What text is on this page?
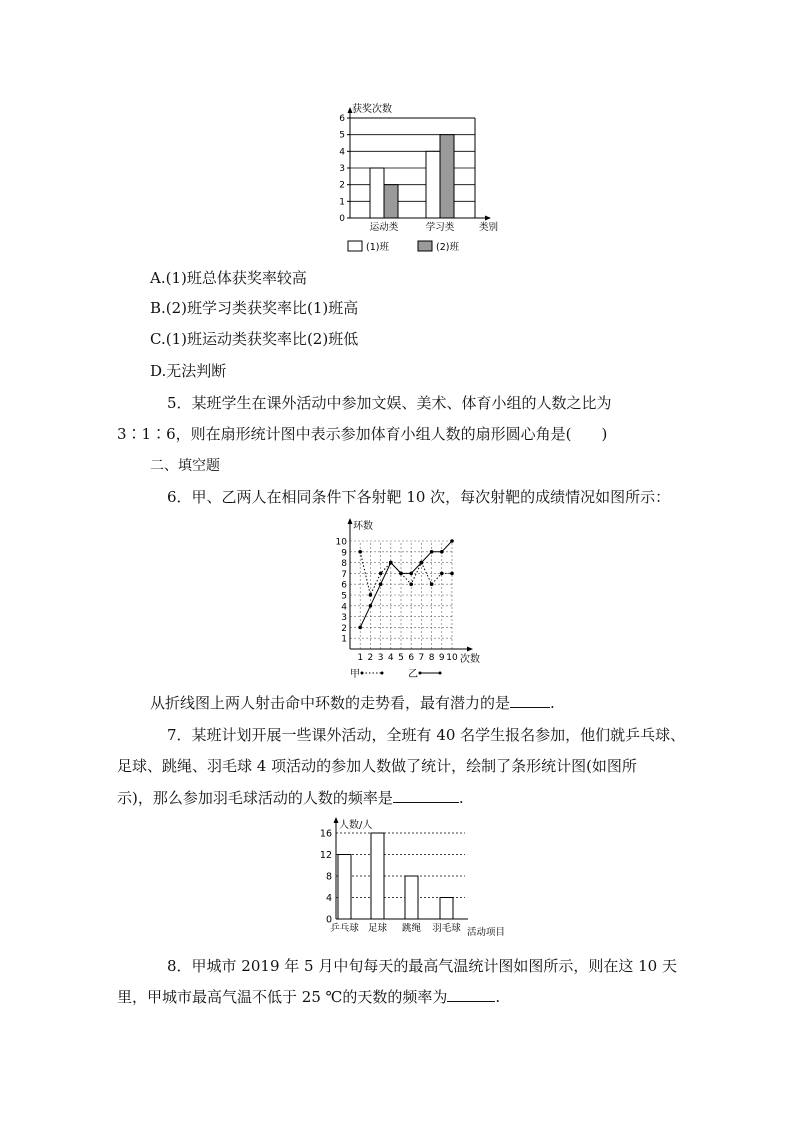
0
1
2
3
4
5
6
获奖次数
运动类	学习类	类别
(1)班	(2)班
A.(1)班总体获奖率较高
B.(2)班学习类获奖率比(1)班高
C.(1)班运动类获奖率比(2)班低
D.无法判断
5．某班学生在课外活动中参加文娱、美术、体育小组的人数之比为
3∶1∶6，则在扇形统计图中表示参加体育小组人数的扇形圆心角是(　　)
二、填空题
6．甲、乙两人在相同条件下各射靶 10 次，每次射靶的成绩情况如图所示：
环数
1
2
3
4
5
6
7
8
9
10
1 2 3 4 5 6 7 8 9 10 次数
甲	乙
从折线图上两人射击命中环数的走势看，最有潜力的是	.
7．某班计划开展一些课外活动，全班有 40 名学生报名参加，他们就乒乓球、
足球、跳绳、羽毛球 4 项活动的参加人数做了统计，绘制了条形统计图(如图所
示)，那么参加羽毛球活动的人数的频率是	.
人数/人
4
8
12
16
0
乒乓球 足球 跳绳 羽毛球 活动项目
8．甲城市 2019 年 5 月中旬每天的最高气温统计图如图所示，则在这 10 天
里，甲城市最高气温不低于 25 ℃的天数的频率为	.
